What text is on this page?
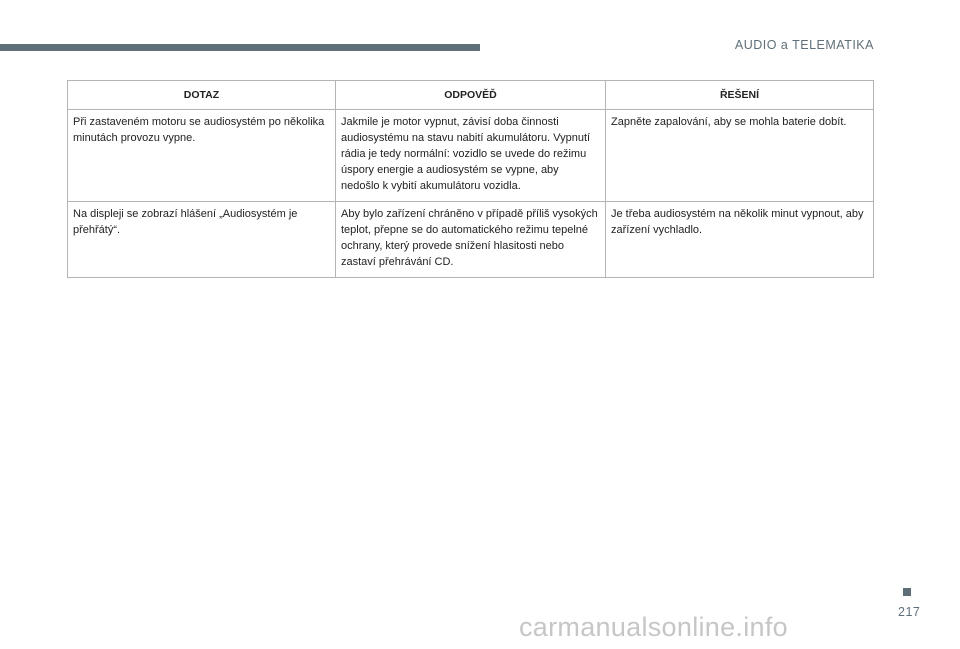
AUDIO a TELEMATIKA
DOTAZ	ODPOVĚĎ	ŘEŠENÍ
Při zastaveném motoru se audiosystém po několika minutách provozu vypne.	Jakmile je motor vypnut, závisí doba činnosti audiosystému na stavu nabití akumulátoru. Vypnutí rádia je tedy normální: vozidlo se uvede do režimu úspory energie a audiosystém se vypne, aby nedošlo k vybití akumulátoru vozidla.	Zapněte zapalování, aby se mohla baterie dobít.
Na displeji se zobrazí hlášení „Audiosystém je přehřátý“.	Aby bylo zařízení chráněno v případě příliš vysokých teplot, přepne se do automatického režimu tepelné ochrany, který provede snížení hlasitosti nebo zastaví přehrávání CD.	Je třeba audiosystém na několik minut vypnout, aby zařízení vychladlo.
217
carmanualsonline.info
